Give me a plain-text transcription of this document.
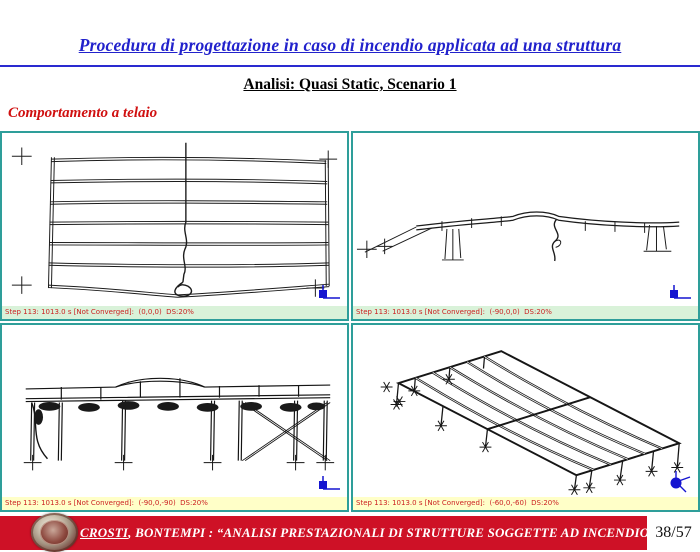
Procedura di progettazione in caso di incendio applicata ad una struttura
Analisi: Quasi Static, Scenario 1
Comportamento a telaio
Step 113: 1013.0 s [Not Converged]:  (0,0,0)  DS:20%	Step 113: 1013.0 s [Not Converged]:  (-90,0,0)  DS:20%
Step 113: 1013.0 s [Not Converged]:  (-90,0,-90)  DS:20%	Step 113: 1013.0 s [Not Converged]:  (-60,0,-60)  DS:20%
CROSTI, BONTEMPI : “ANALISI PRESTAZIONALI DI STRUTTURE SOGGETTE AD INCENDIO” 38/57
